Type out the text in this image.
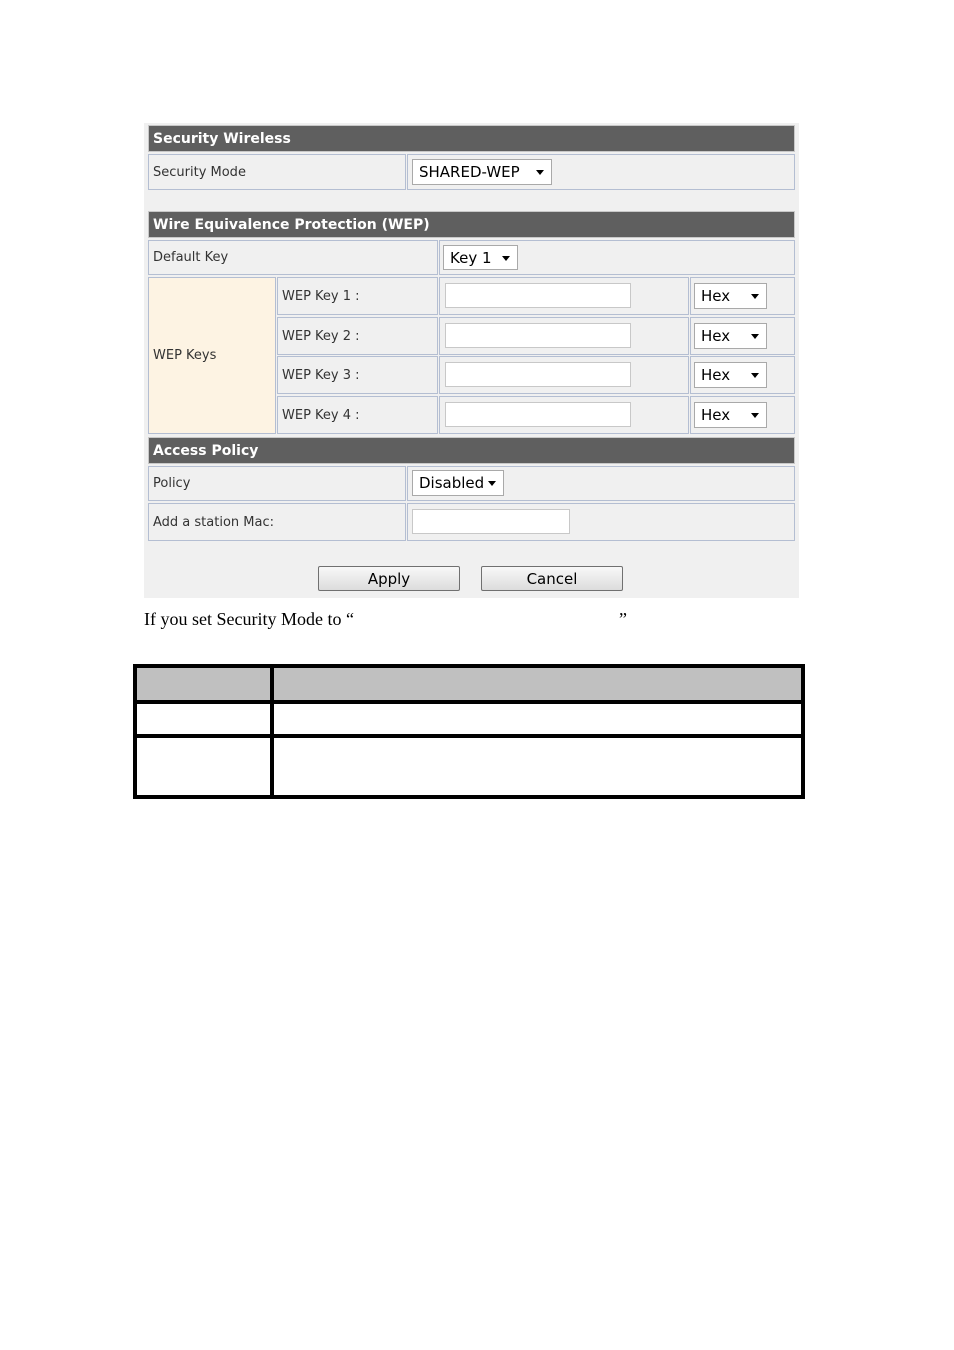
Security Wireless
Security Mode	SHARED-WEP
Wire Equivalence Protection (WEP)
Default Key	Key 1
WEP Keys
WEP Key 1 :	Hex
WEP Key 2 :	Hex
WEP Key 3 :	Hex
WEP Key 4 :	Hex
Access Policy
Policy	Disabled
Add a station Mac:
Apply	Cancel
If you set Security Mode to “	”
